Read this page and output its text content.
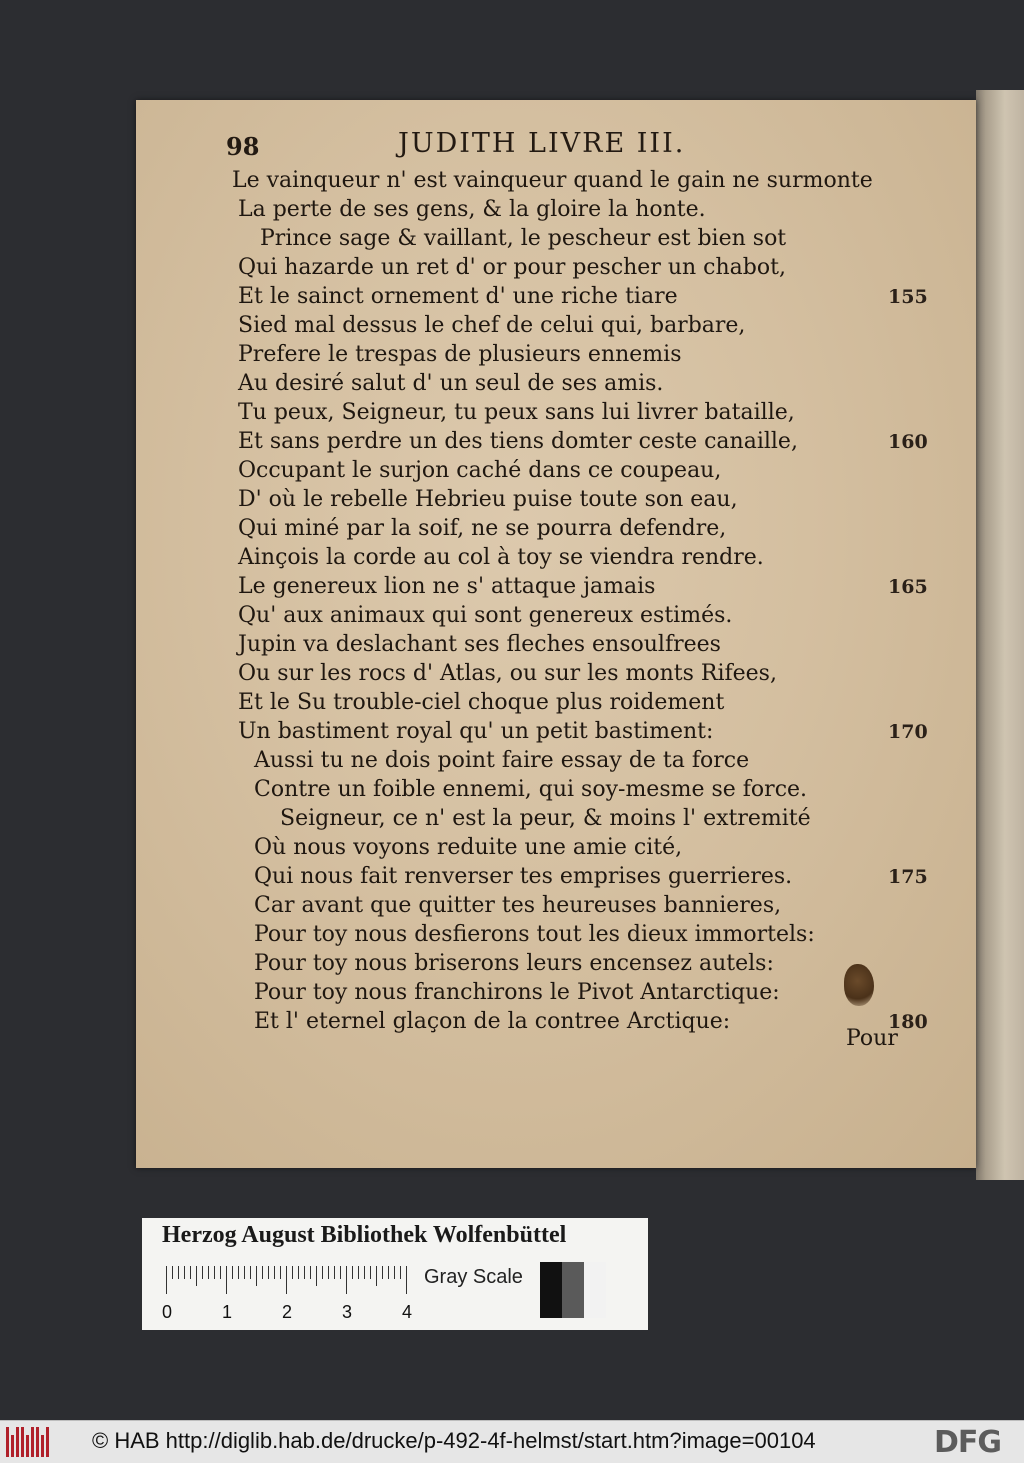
98	JUDITH LIVRE III.
Le vainqueur n' est vainqueur quand le gain ne surmonte
La perte de ses gens, & la gloire la honte.
Prince sage & vaillant, le pescheur est bien sot
Qui hazarde un ret d' or pour pescher un chabot,
Et le sainct ornement d' une riche tiare
Sied mal dessus le chef de celui qui, barbare,
Prefere le trespas de plusieurs ennemis
Au desiré salut d' un seul de ses amis.
Tu peux, Seigneur, tu peux sans lui livrer bataille,
Et sans perdre un des tiens domter ceste canaille,
Occupant le surjon caché dans ce coupeau,
D' où le rebelle Hebrieu puise toute son eau,
Qui miné par la soif, ne se pourra defendre,
Ainçois la corde au col à toy se viendra rendre.
Le genereux lion ne s' attaque jamais
Qu' aux animaux qui sont genereux estimés.
Jupin va deslachant ses fleches ensoulfrees
Ou sur les rocs d' Atlas, ou sur les monts Rifees,
Et le Su trouble-ciel choque plus roidement
Un bastiment royal qu' un petit bastiment:
Aussi tu ne dois point faire essay de ta force
Contre un foible ennemi, qui soy-mesme se force.
Seigneur, ce n' est la peur, & moins l' extremité
Où nous voyons reduite une amie cité,
Qui nous fait renverser tes emprises guerrieres.
Car avant que quitter tes heureuses bannieres,
Pour toy nous desfierons tout les dieux immortels:
Pour toy nous briserons leurs encensez autels:
Pour toy nous franchirons le Pivot Antarctique:
Et l' eternel glaçon de la contree Arctique:
155
160
165
170
175
180
Pour
Herzog August Bibliothek Wolfenbüttel
0	1	2	3	4
Gray Scale
© HAB http://diglib.hab.de/drucke/p-492-4f-helmst/start.htm?image=00104	DFG
